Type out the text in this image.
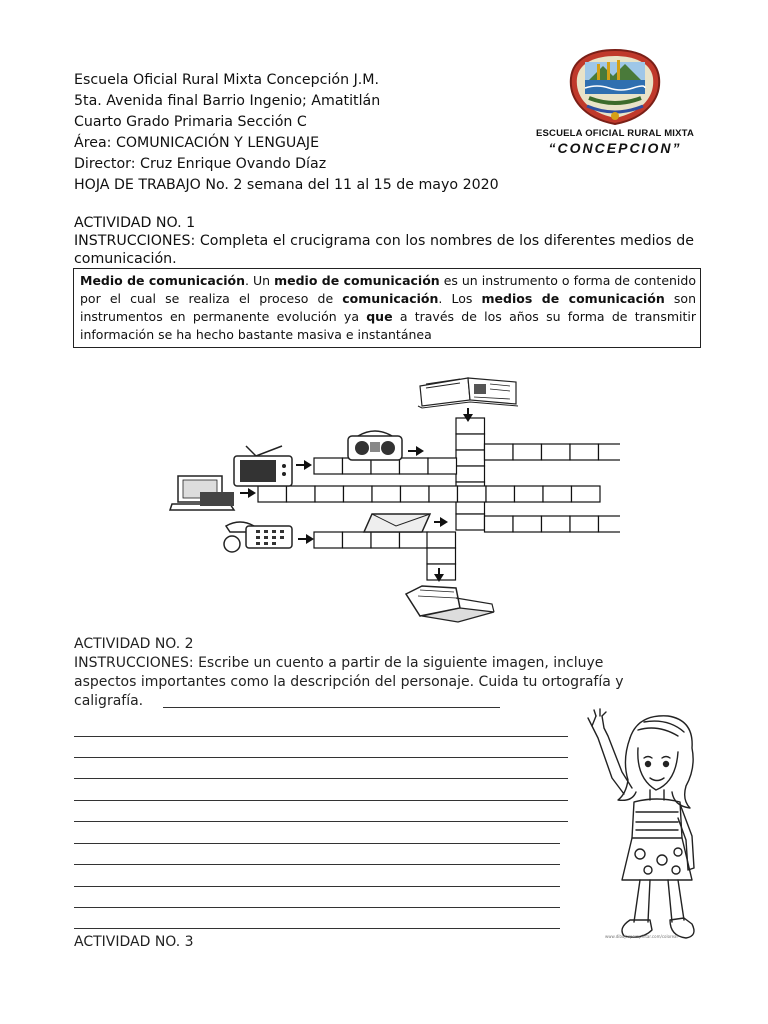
Escuela Oficial Rural Mixta Concepción J.M.
5ta. Avenida final Barrio Ingenio; Amatitlán
Cuarto Grado Primaria Sección C
Área: COMUNICACIÓN Y LENGUAJE
Director: Cruz Enrique Ovando Díaz
HOJA DE TRABAJO No. 2 semana del 11 al 15 de mayo 2020
ESCUELA OFICIAL RURAL MIXTA
“CONCEPCION”
ACTIVIDAD NO. 1
INSTRUCCIONES: Completa el crucigrama con los nombres de los diferentes medios de comunicación.
Medio de comunicación. Un medio de comunicación es un instrumento o forma de contenido por el cual se realiza el proceso de comunicación. Los medios de comunicación son instrumentos en permanente evolución ya que a través de los años su forma de transmitir información se ha hecho bastante masiva e instantánea
ACTIVIDAD NO. 2
INSTRUCCIONES: Escribe un cuento a partir de la siguiente imagen, incluye aspectos importantes como la descripción del personaje. Cuida tu ortografía y caligrafía.
www.dibujosparapintar.com/colorear
ACTIVIDAD NO. 3
